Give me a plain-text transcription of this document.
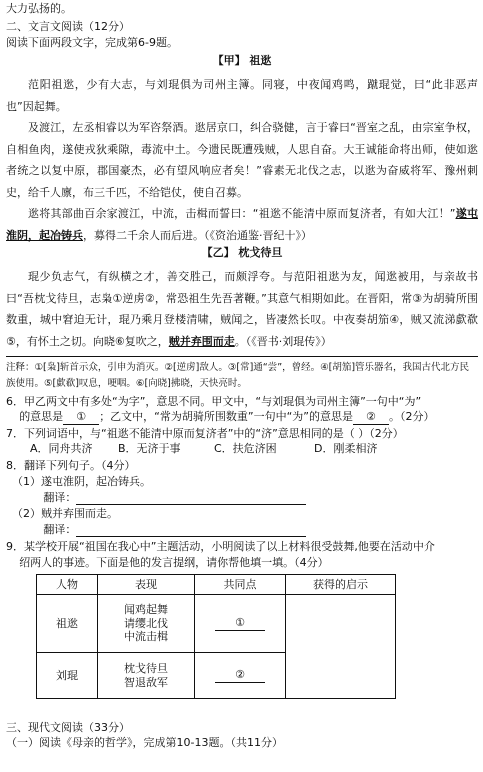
大力弘扬的。
二、文言文阅读（12分）
阅读下面两段文字，完成第6-9题。
【甲】 祖逖

范阳祖逖，少有大志，与刘琨俱为司州主簿。同寝，中夜闻鸡鸣，蹴琨觉，曰“此非恶声也”因起舞。

及渡江，左丞相睿以为军咨祭酒。逖居京口，纠合骁健，言于睿曰“晋室之乱，由宗室争权，自相鱼肉，遂使戎狄乘隙，毒流中土。今遗民既遭残贼，人思自奋。大王诚能命将出师，使如逖者统之以复中原，郡国豪杰，必有望风响应者矣！”睿素无北伐之志，以逖为奋威将军、豫州刺史，给千人廪，布三千匹，不给铠仗，使自召募。

逖将其部曲百余家渡江，中流，击楫而誓曰：“祖逖不能清中原而复济者，有如大江！”遂屯淮阴，起冶铸兵，募得二千余人而后进。（《资治通鉴·晋纪十》）

【乙】 枕戈待旦

琨少负志气，有纵横之才，善交胜己，而颇浮夸。与范阳祖逖为友，闻逖被用，与亲故书曰“吾枕戈待旦，志枭①逆虏②，常恐祖生先吾著鞭。”其意气相期如此。在晋阳，常③为胡骑所围数重，城中窘迫无计，琨乃乘月登楼清啸，贼闻之，皆凄然长叹。中夜奏胡笳④，贼又流涕歔欷⑤，有怀土之切。向晓⑥复吹之，贼并弃围而走。（《晋书·刘琨传》）

注释：①[枭]斩首示众，引申为消灭。②[逆虏]敌人。③[常]通“尝”，曾经。④[胡笳]管乐器名，我国古代北方民族使用。⑤[歔欷]叹息，哽咽。⑥[向晓]拂晓，天快亮时。

6．甲乙两文中有多处“为字”，意思不同。甲文中，“与刘琨俱为司州主簿”一句中“为”
的意思是 ① ；乙文中，“常为胡骑所围数重”一句中“为”的意思是 ② 。（2分）
7．下列词语中，与“祖逖不能清中原而复济者”中的“济”意思相同的是（ ）（2分）
A．同舟共济 B．无济于事	C．扶危济困	D．刚柔相济
8．翻译下列句子。（4分）
（1）遂屯淮阴，起冶铸兵。
翻译：
（2）贼并弃围而走。
翻译：
9．某学校开展“祖国在我心中”主题活动，小明阅读了以上材料很受鼓舞,他要在活动中介
绍两人的事迹。下面是他的发言提纲，请你帮他填一填。（4分）
人物	表现	共同点	获得的启示
祖逖	闻鸡起舞
请缨北伐
中流击楫	①	
刘琨	枕戈待旦
智退敌军	②	
三、现代文阅读（33分）
（一）阅读《母亲的哲学》，完成第10-13题。（共11分）
